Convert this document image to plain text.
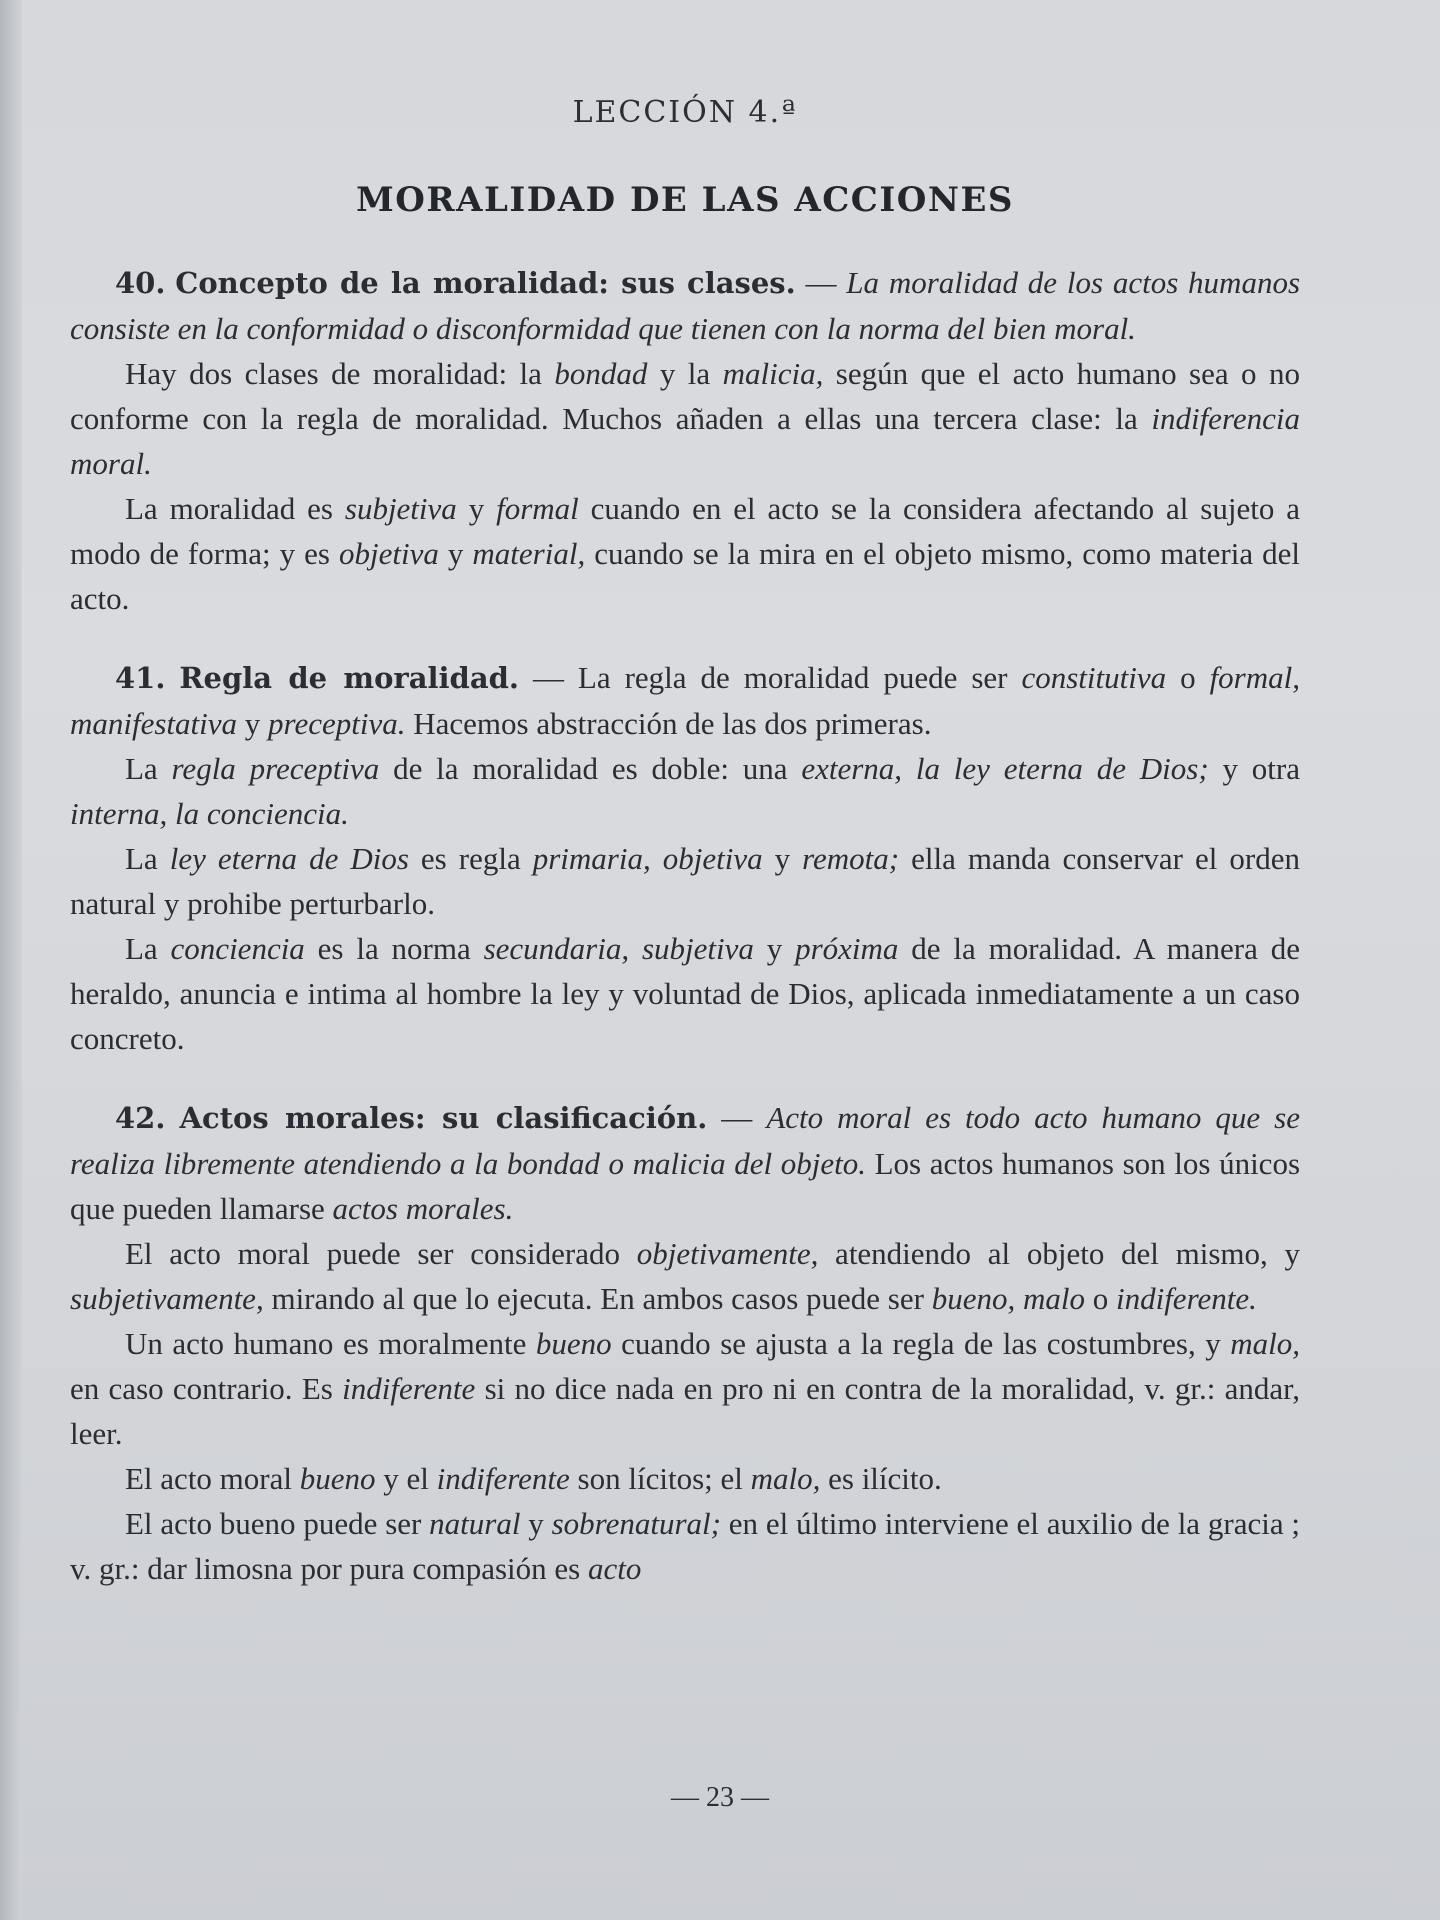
LECCIÓN 4.ª
MORALIDAD DE LAS ACCIONES

40. Concepto de la moralidad: sus clases. — La moralidad de los actos humanos consiste en la conformidad o disconformidad que tienen con la norma del bien moral.

Hay dos clases de moralidad: la bondad y la malicia, según que el acto humano sea o no conforme con la regla de moralidad. Muchos añaden a ellas una tercera clase: la indiferencia moral.

La moralidad es subjetiva y formal cuando en el acto se la considera afectando al sujeto a modo de forma; y es objetiva y material, cuando se la mira en el objeto mismo, como materia del acto.

41. Regla de moralidad. — La regla de moralidad puede ser constitutiva o formal, manifestativa y preceptiva. Hacemos abstracción de las dos primeras.

La regla preceptiva de la moralidad es doble: una externa, la ley eterna de Dios; y otra interna, la conciencia.

La ley eterna de Dios es regla primaria, objetiva y remota; ella manda conservar el orden natural y prohibe perturbarlo.

La conciencia es la norma secundaria, subjetiva y próxima de la moralidad. A manera de heraldo, anuncia e intima al hombre la ley y voluntad de Dios, aplicada inmediatamente a un caso concreto.

42. Actos morales: su clasificación. — Acto moral es todo acto humano que se realiza libremente atendiendo a la bondad o malicia del objeto. Los actos humanos son los únicos que pueden llamarse actos morales.

El acto moral puede ser considerado objetivamente, atendiendo al objeto del mismo, y subjetivamente, mirando al que lo ejecuta. En ambos casos puede ser bueno, malo o indiferente.

Un acto humano es moralmente bueno cuando se ajusta a la regla de las costumbres, y malo, en caso contrario. Es indiferente si no dice nada en pro ni en contra de la moralidad, v. gr.: andar, leer.

El acto moral bueno y el indiferente son lícitos; el malo, es ilícito.

El acto bueno puede ser natural y sobrenatural; en el último interviene el auxilio de la gracia ; v. gr.: dar limosna por pura compasión es acto

— 23 —
